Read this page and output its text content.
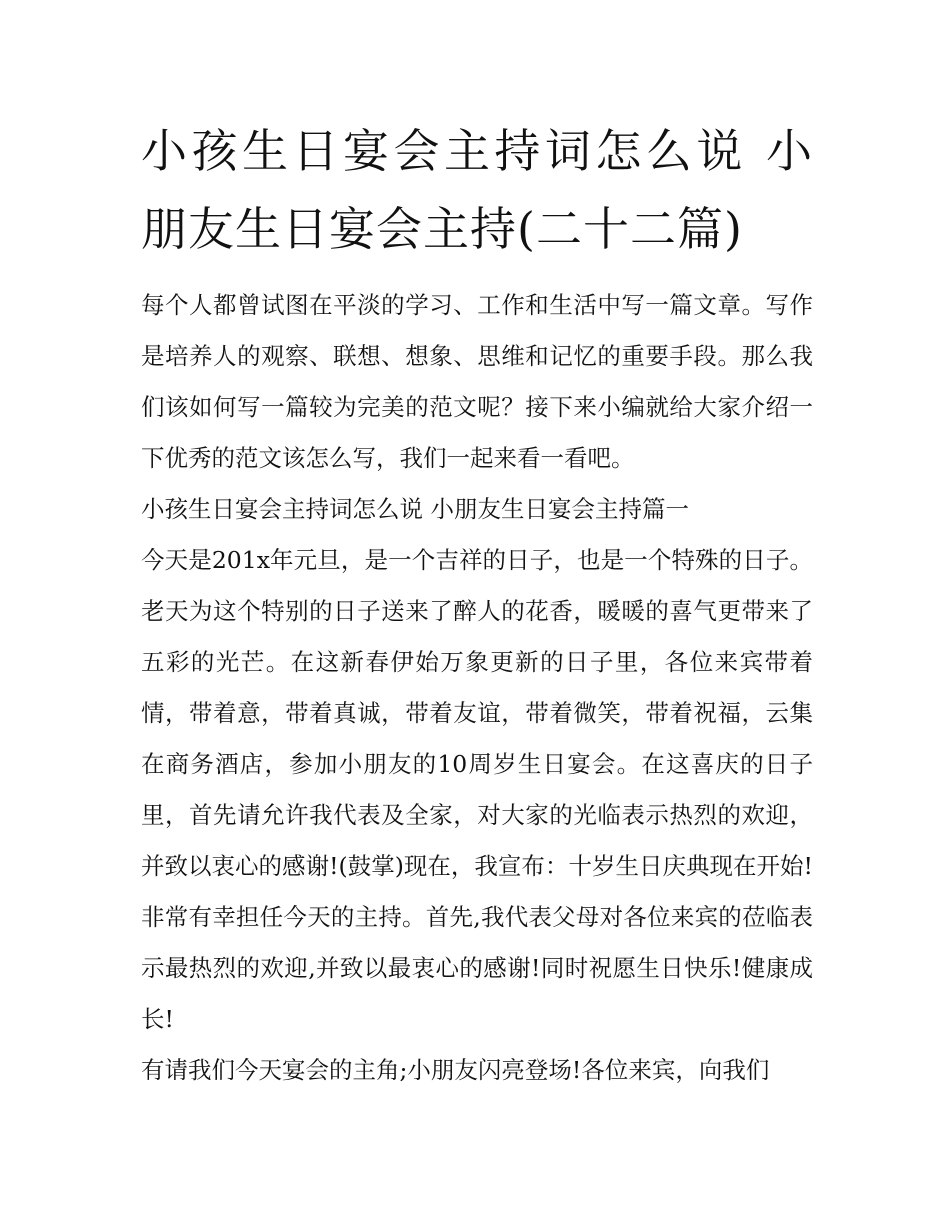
小孩生日宴会主持词怎么说 小朋友生日宴会主持(二十二篇)

每个人都曾试图在平淡的学习、工作和生活中写一篇文章。写作是培养人的观察、联想、想象、思维和记忆的重要手段。那么我们该如何写一篇较为完美的范文呢？接下来小编就给大家介绍一下优秀的范文该怎么写，我们一起来看一看吧。

小孩生日宴会主持词怎么说 小朋友生日宴会主持篇一

今天是201x年元旦，是一个吉祥的日子，也是一个特殊的日子。老天为这个特别的日子送来了醉人的花香，暖暖的喜气更带来了五彩的光芒。在这新春伊始万象更新的日子里，各位来宾带着情，带着意，带着真诚，带着友谊，带着微笑，带着祝福，云集在商务酒店，参加小朋友的10周岁生日宴会。在这喜庆的日子里，首先请允许我代表及全家，对大家的光临表示热烈的欢迎，并致以衷心的感谢!(鼓掌)现在，我宣布：十岁生日庆典现在开始!非常有幸担任今天的主持。首先,我代表父母对各位来宾的莅临表示最热烈的欢迎,并致以最衷心的感谢!同时祝愿生日快乐!健康成长!

有请我们今天宴会的主角;小朋友闪亮登场!各位来宾，向我们
